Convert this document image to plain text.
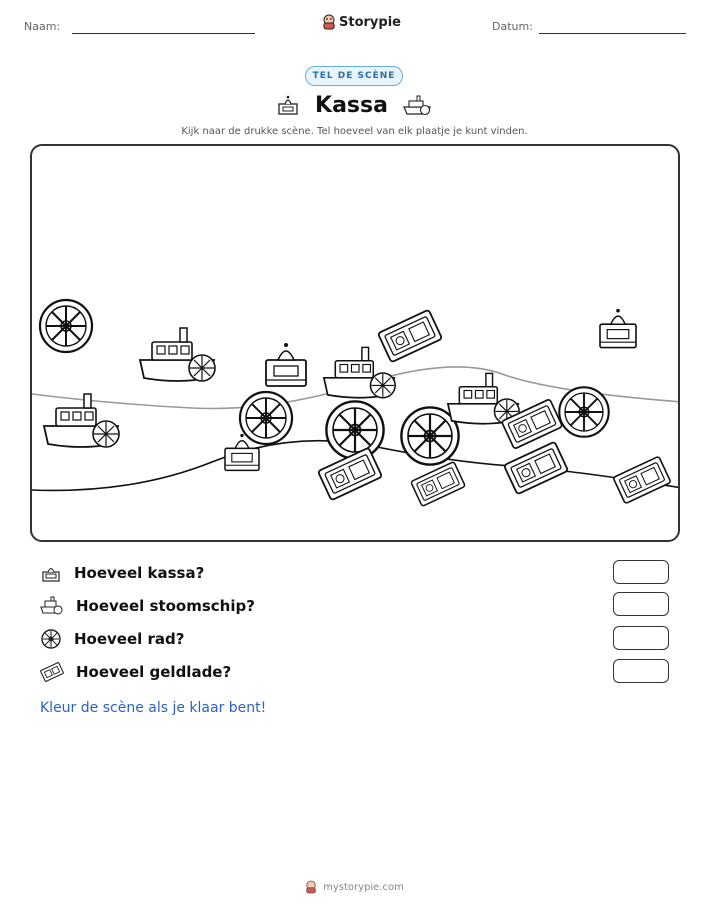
Naam:	Storypie	Datum:
TEL DE SCÈNE
Kassa
Kijk naar de drukke scène. Tel hoeveel van elk plaatje je kunt vinden.
Hoeveel kassa?
Hoeveel stoomschip?
Hoeveel rad?
Hoeveel geldlade?
Kleur de scène als je klaar bent!
mystorypie.com
